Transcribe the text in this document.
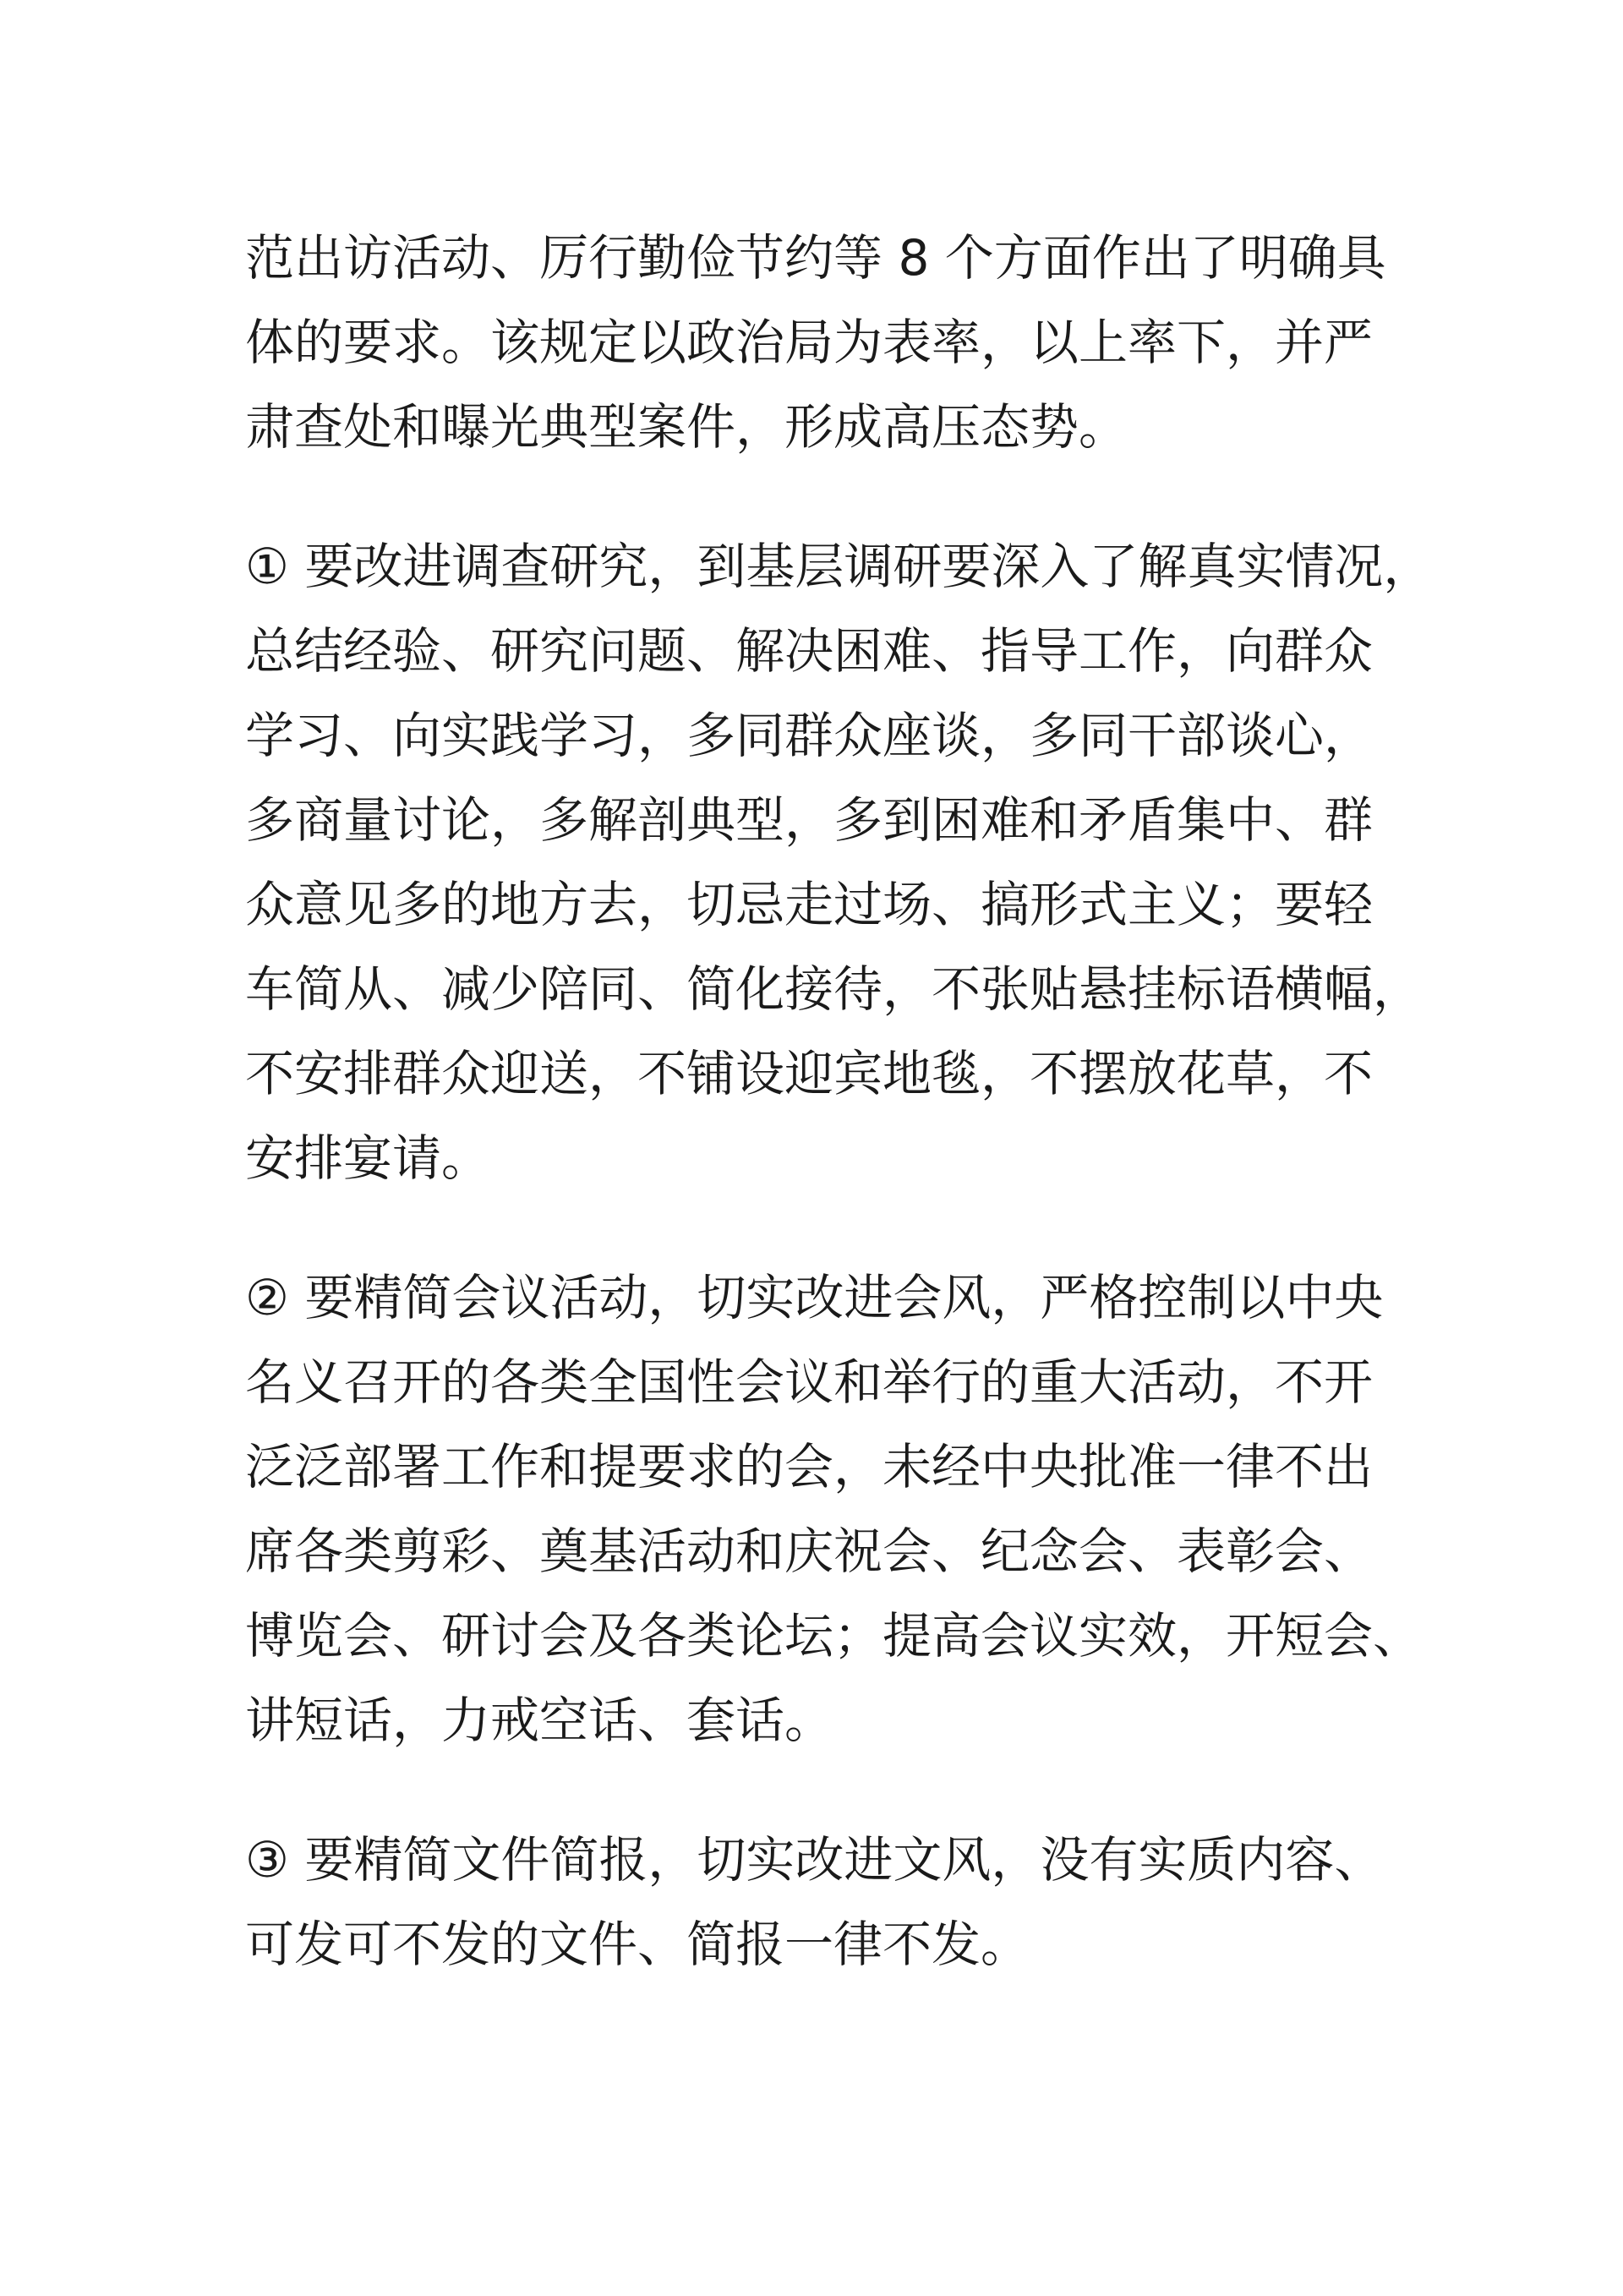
范出访活动、厉行勤俭节约等 8 个方面作出了明确具
体的要求。该规定以政治局为表率，以上率下，并严
肃查处和曝光典型案件，形成高压态势。

① 要改进调查研究，到基层调研要深入了解真实情况，
总结经验、研究问题、解决困难、指导工作，向群众
学习、向实践学习，多同群众座谈，多同干部谈心，
多商量讨论，多解剖典型，多到困难和矛盾集中、群
众意见多的地方去，切忌走过场、搞形式主义；要轻
车简从、减少陪同、简化接待，不张贴悬挂标语横幅，
不安排群众迎送，不铺设迎宾地毯，不摆放花草，不
安排宴请。

② 要精简会议活动，切实改进会风，严格控制以中央
名义召开的各类全国性会议和举行的重大活动，不开
泛泛部署工作和提要求的会，未经中央批准一律不出
席各类剪彩、奠基活动和庆祝会、纪念会、表彰会、
博览会、研讨会及各类论坛；提高会议实效，开短会、
讲短话，力戒空话、套话。

③ 要精简文件简报，切实改进文风，没有实质内容、
可发可不发的文件、简报一律不发。
